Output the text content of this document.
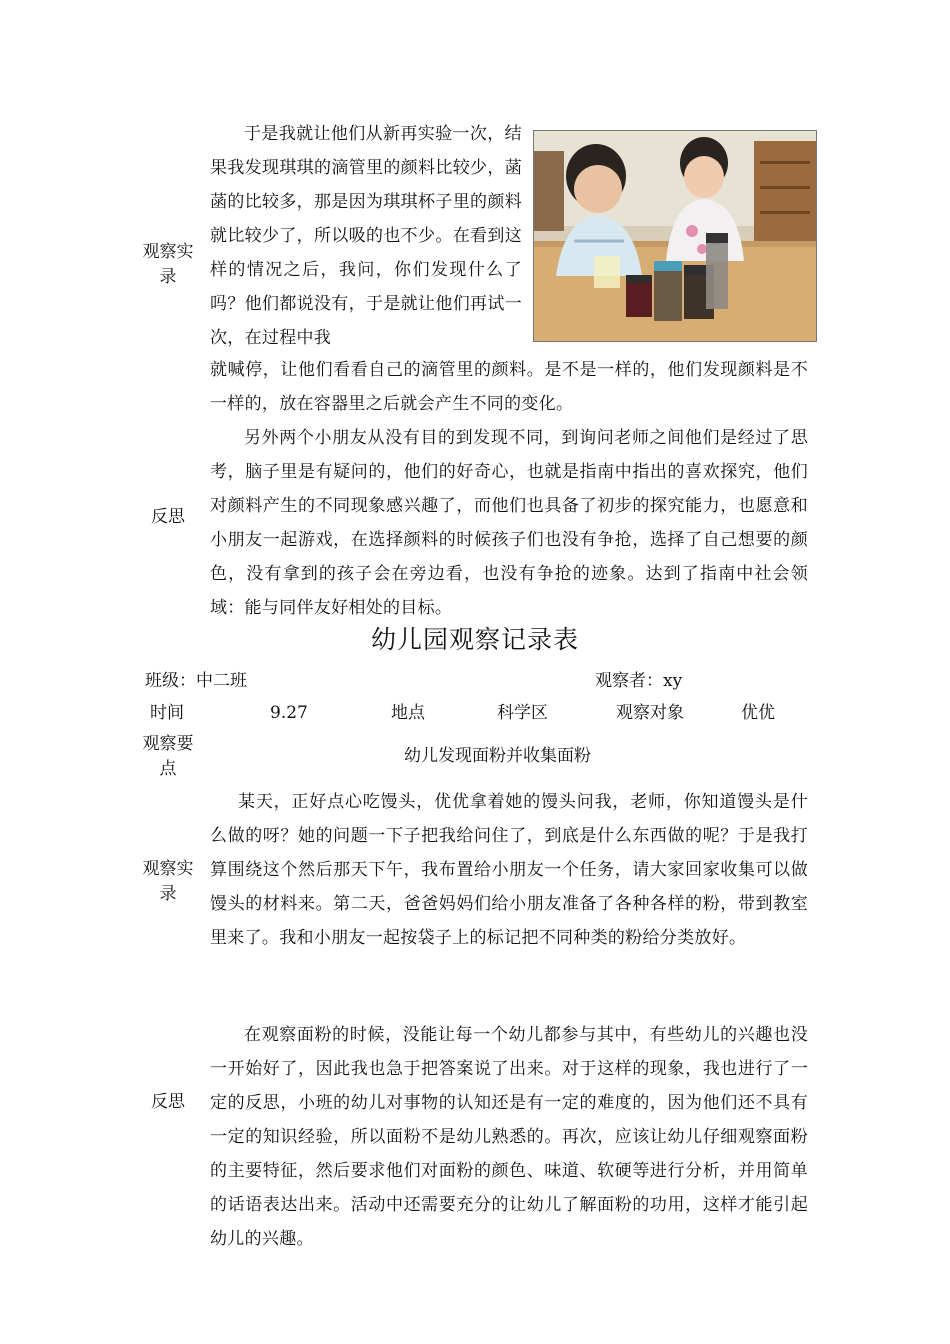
观察实录
于是我就让他们从新再实验一次，结果我发现琪琪的滴管里的颜料比较少，菡菡的比较多，那是因为琪琪杯子里的颜料就比较少了，所以吸的也不少。在看到这样的情况之后，我问，你们发现什么了吗？他们都说没有，于是就让他们再试一次，在过程中我
就喊停，让他们看看自己的滴管里的颜料。是不是一样的，他们发现颜料是不一样的，放在容器里之后就会产生不同的变化。
反思
另外两个小朋友从没有目的到发现不同，到询问老师之间他们是经过了思考，脑子里是有疑问的，他们的好奇心，也就是指南中指出的喜欢探究，他们对颜料产生的不同现象感兴趣了，而他们也具备了初步的探究能力，也愿意和小朋友一起游戏，在选择颜料的时候孩子们也没有争抢，选择了自己想要的颜色，没有拿到的孩子会在旁边看，也没有争抢的迹象。达到了指南中社会领域：能与同伴友好相处的目标。
幼儿园观察记录表
班级：中二班	观察者：xy
时间	9.27	地点	科学区	观察对象	优优
观察要点
幼儿发现面粉并收集面粉
观察实录
某天，正好点心吃馒头，优优拿着她的馒头问我，老师，你知道馒头是什么做的呀？她的问题一下子把我给问住了，到底是什么东西做的呢？于是我打算围绕这个然后那天下午，我布置给小朋友一个任务，请大家回家收集可以做馒头的材料来。第二天，爸爸妈妈们给小朋友准备了各种各样的粉，带到教室里来了。我和小朋友一起按袋子上的标记把不同种类的粉给分类放好。
反思
在观察面粉的时候，没能让每一个幼儿都参与其中，有些幼儿的兴趣也没一开始好了，因此我也急于把答案说了出来。对于这样的现象，我也进行了一定的反思，小班的幼儿对事物的认知还是有一定的难度的，因为他们还不具有一定的知识经验，所以面粉不是幼儿熟悉的。再次，应该让幼儿仔细观察面粉的主要特征，然后要求他们对面粉的颜色、味道、软硬等进行分析，并用简单的话语表达出来。活动中还需要充分的让幼儿了解面粉的功用，这样才能引起幼儿的兴趣。
